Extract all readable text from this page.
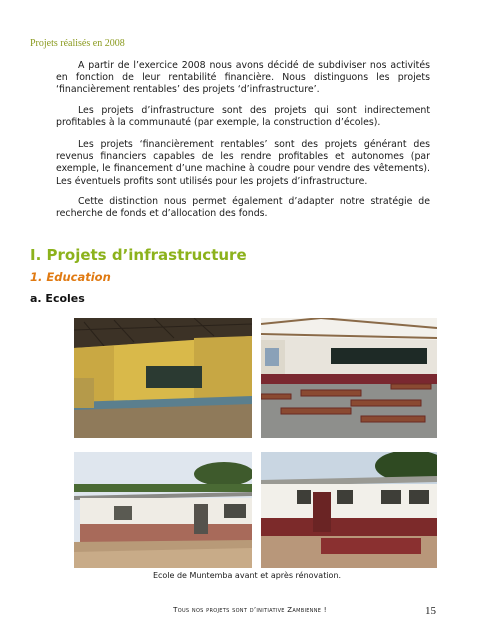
Projets réalisés en 2008

A partir de l’exercice 2008 nous avons décidé de subdiviser nos activités en fonction de leur rentabilité financière. Nous distinguons les projets ‘financièrement rentables’ des projets ‘d’infrastructure’.

Les projets d’infrastructure sont des projets qui sont indirectement profitables à la communauté (par exemple, la construction d’écoles).

Les projets ‘financièrement rentables’ sont des projets générant des revenus financiers capables de les rendre profitables et autonomes (par exemple, le financement d’une machine à coudre pour vendre des vêtements). Les éventuels profits sont utilisés pour les projets d’infrastructure.

Cette distinction nous permet également d’adapter notre stratégie de recherche de fonds et d’allocation des fonds.

I. Projets d’infrastructure
1. Education
a. Ecoles
Ecole de Muntemba avant et après rénovation.
Tous nos projets sont d’initiative Zambienne !	15
